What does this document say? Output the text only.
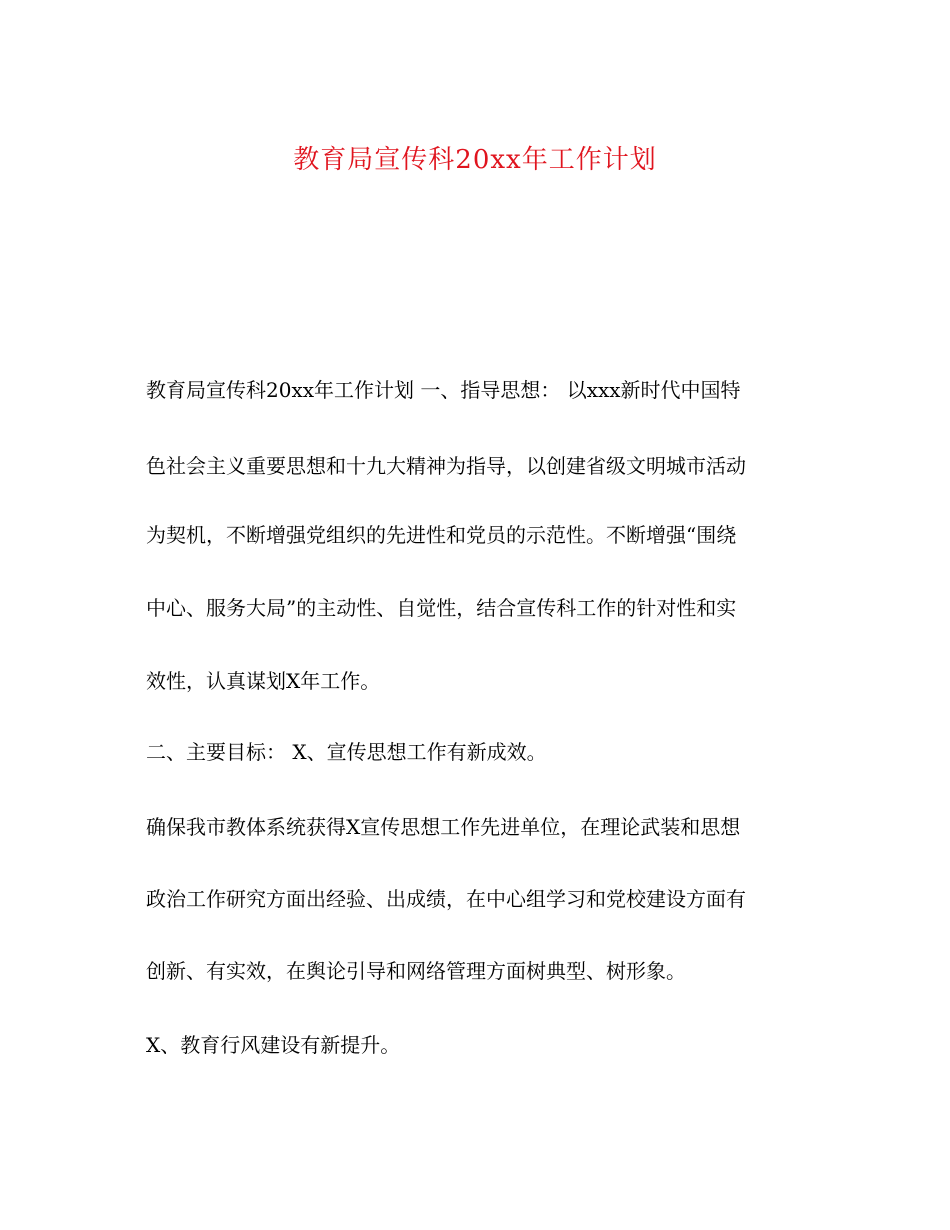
教育局宣传科20xx年工作计划
教育局宣传科20xx年工作计划 一、指导思想： 以xxx新时代中国特
色社会主义重要思想和十九大精神为指导，以创建省级文明城市活动
为契机，不断增强党组织的先进性和党员的示范性。不断增强“围绕
中心、服务大局”的主动性、自觉性，结合宣传科工作的针对性和实
效性，认真谋划X年工作。
二、主要目标： X、宣传思想工作有新成效。
确保我市教体系统获得X宣传思想工作先进单位，在理论武装和思想
政治工作研究方面出经验、出成绩，在中心组学习和党校建设方面有
创新、有实效，在舆论引导和网络管理方面树典型、树形象。
X、教育行风建设有新提升。
